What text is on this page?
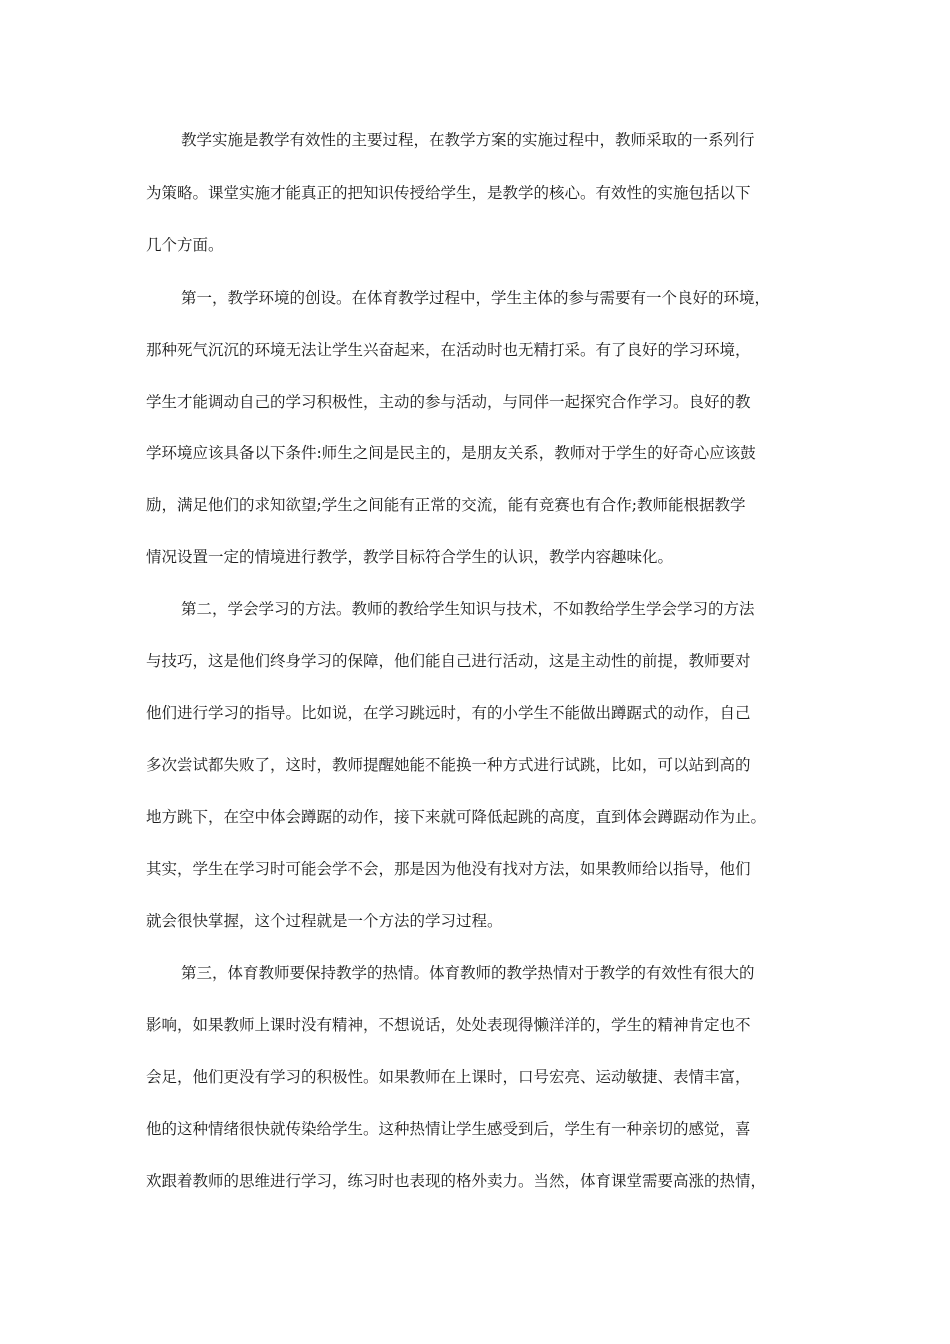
教学实施是教学有效性的主要过程，在教学方案的实施过程中，教师采取的一系列行

为策略。课堂实施才能真正的把知识传授给学生，是教学的核心。有效性的实施包括以下

几个方面。

第一，教学环境的创设。在体育教学过程中，学生主体的参与需要有一个良好的环境，

那种死气沉沉的环境无法让学生兴奋起来，在活动时也无精打采。有了良好的学习环境，

学生才能调动自己的学习积极性，主动的参与活动，与同伴一起探究合作学习。良好的教

学环境应该具备以下条件:师生之间是民主的，是朋友关系，教师对于学生的好奇心应该鼓

励，满足他们的求知欲望;学生之间能有正常的交流，能有竞赛也有合作;教师能根据教学

情况设置一定的情境进行教学，教学目标符合学生的认识，教学内容趣味化。

第二，学会学习的方法。教师的教给学生知识与技术，不如教给学生学会学习的方法

与技巧，这是他们终身学习的保障，他们能自己进行活动，这是主动性的前提，教师要对

他们进行学习的指导。比如说，在学习跳远时，有的小学生不能做出蹲踞式的动作，自己

多次尝试都失败了，这时，教师提醒她能不能换一种方式进行试跳，比如，可以站到高的

地方跳下，在空中体会蹲踞的动作，接下来就可降低起跳的高度，直到体会蹲踞动作为止。

其实，学生在学习时可能会学不会，那是因为他没有找对方法，如果教师给以指导，他们

就会很快掌握，这个过程就是一个方法的学习过程。

第三，体育教师要保持教学的热情。体育教师的教学热情对于教学的有效性有很大的

影响，如果教师上课时没有精神，不想说话，处处表现得懒洋洋的，学生的精神肯定也不

会足，他们更没有学习的积极性。如果教师在上课时，口号宏亮、运动敏捷、表情丰富，

他的这种情绪很快就传染给学生。这种热情让学生感受到后，学生有一种亲切的感觉，喜

欢跟着教师的思维进行学习，练习时也表现的格外卖力。当然，体育课堂需要高涨的热情，
